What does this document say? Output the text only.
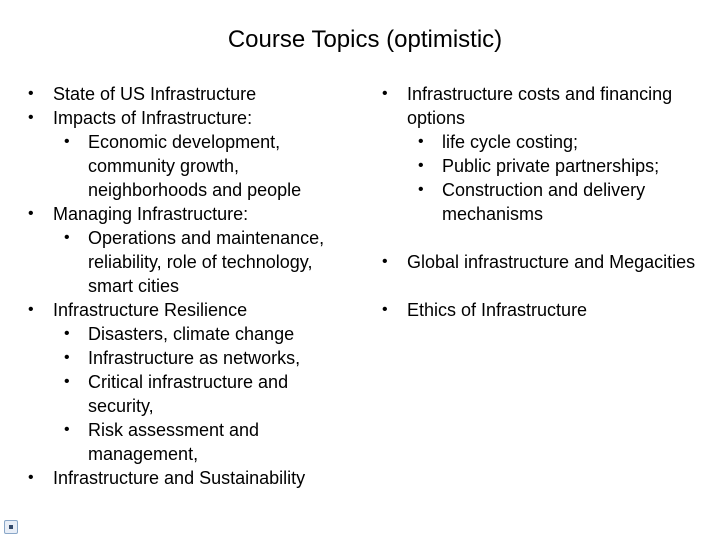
Course Topics (optimistic)
• State of US Infrastructure
• Impacts of Infrastructure:
• Economic development, community growth, neighborhoods and people
• Managing Infrastructure:
• Operations and maintenance, reliability, role of technology, smart cities
• Infrastructure Resilience
• Disasters, climate change
• Infrastructure as networks,
• Critical infrastructure and security,
• Risk assessment and management,
• Infrastructure and Sustainability
• Infrastructure costs and financing options
• life cycle costing;
• Public private partnerships;
• Construction and delivery mechanisms
• Global infrastructure and Megacities
• Ethics of Infrastructure
